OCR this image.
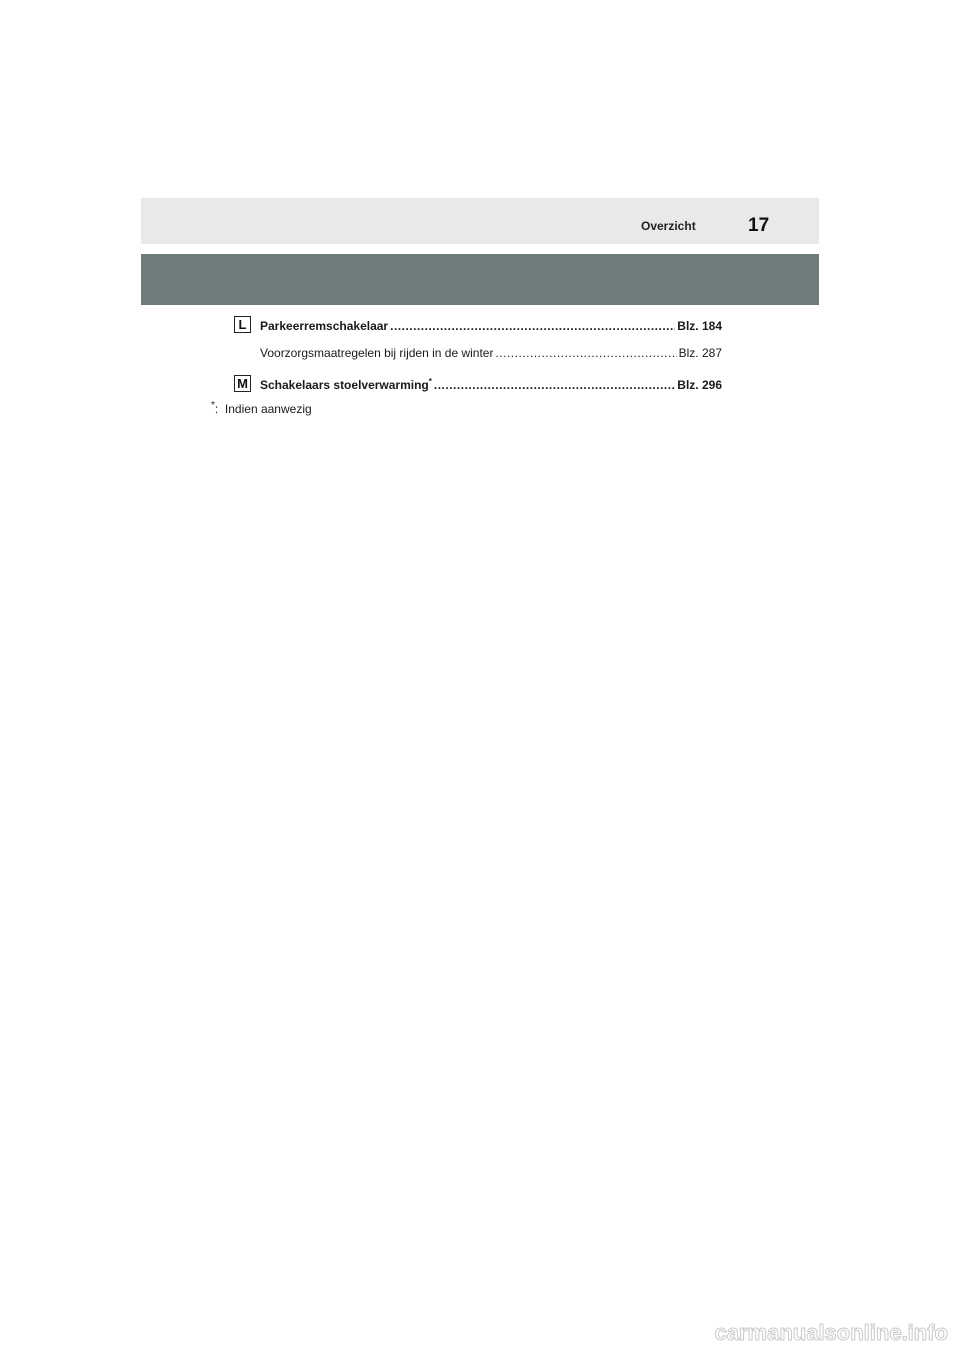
Overzicht	17
L	Parkeerremschakelaar .....	Blz. 184
Voorzorgsmaatregelen bij rijden in de winter .....	Blz. 287
M Schakelaars stoelverwarming* .....	Blz. 296
*: Indien aanwezig
carmanualsonline.info
